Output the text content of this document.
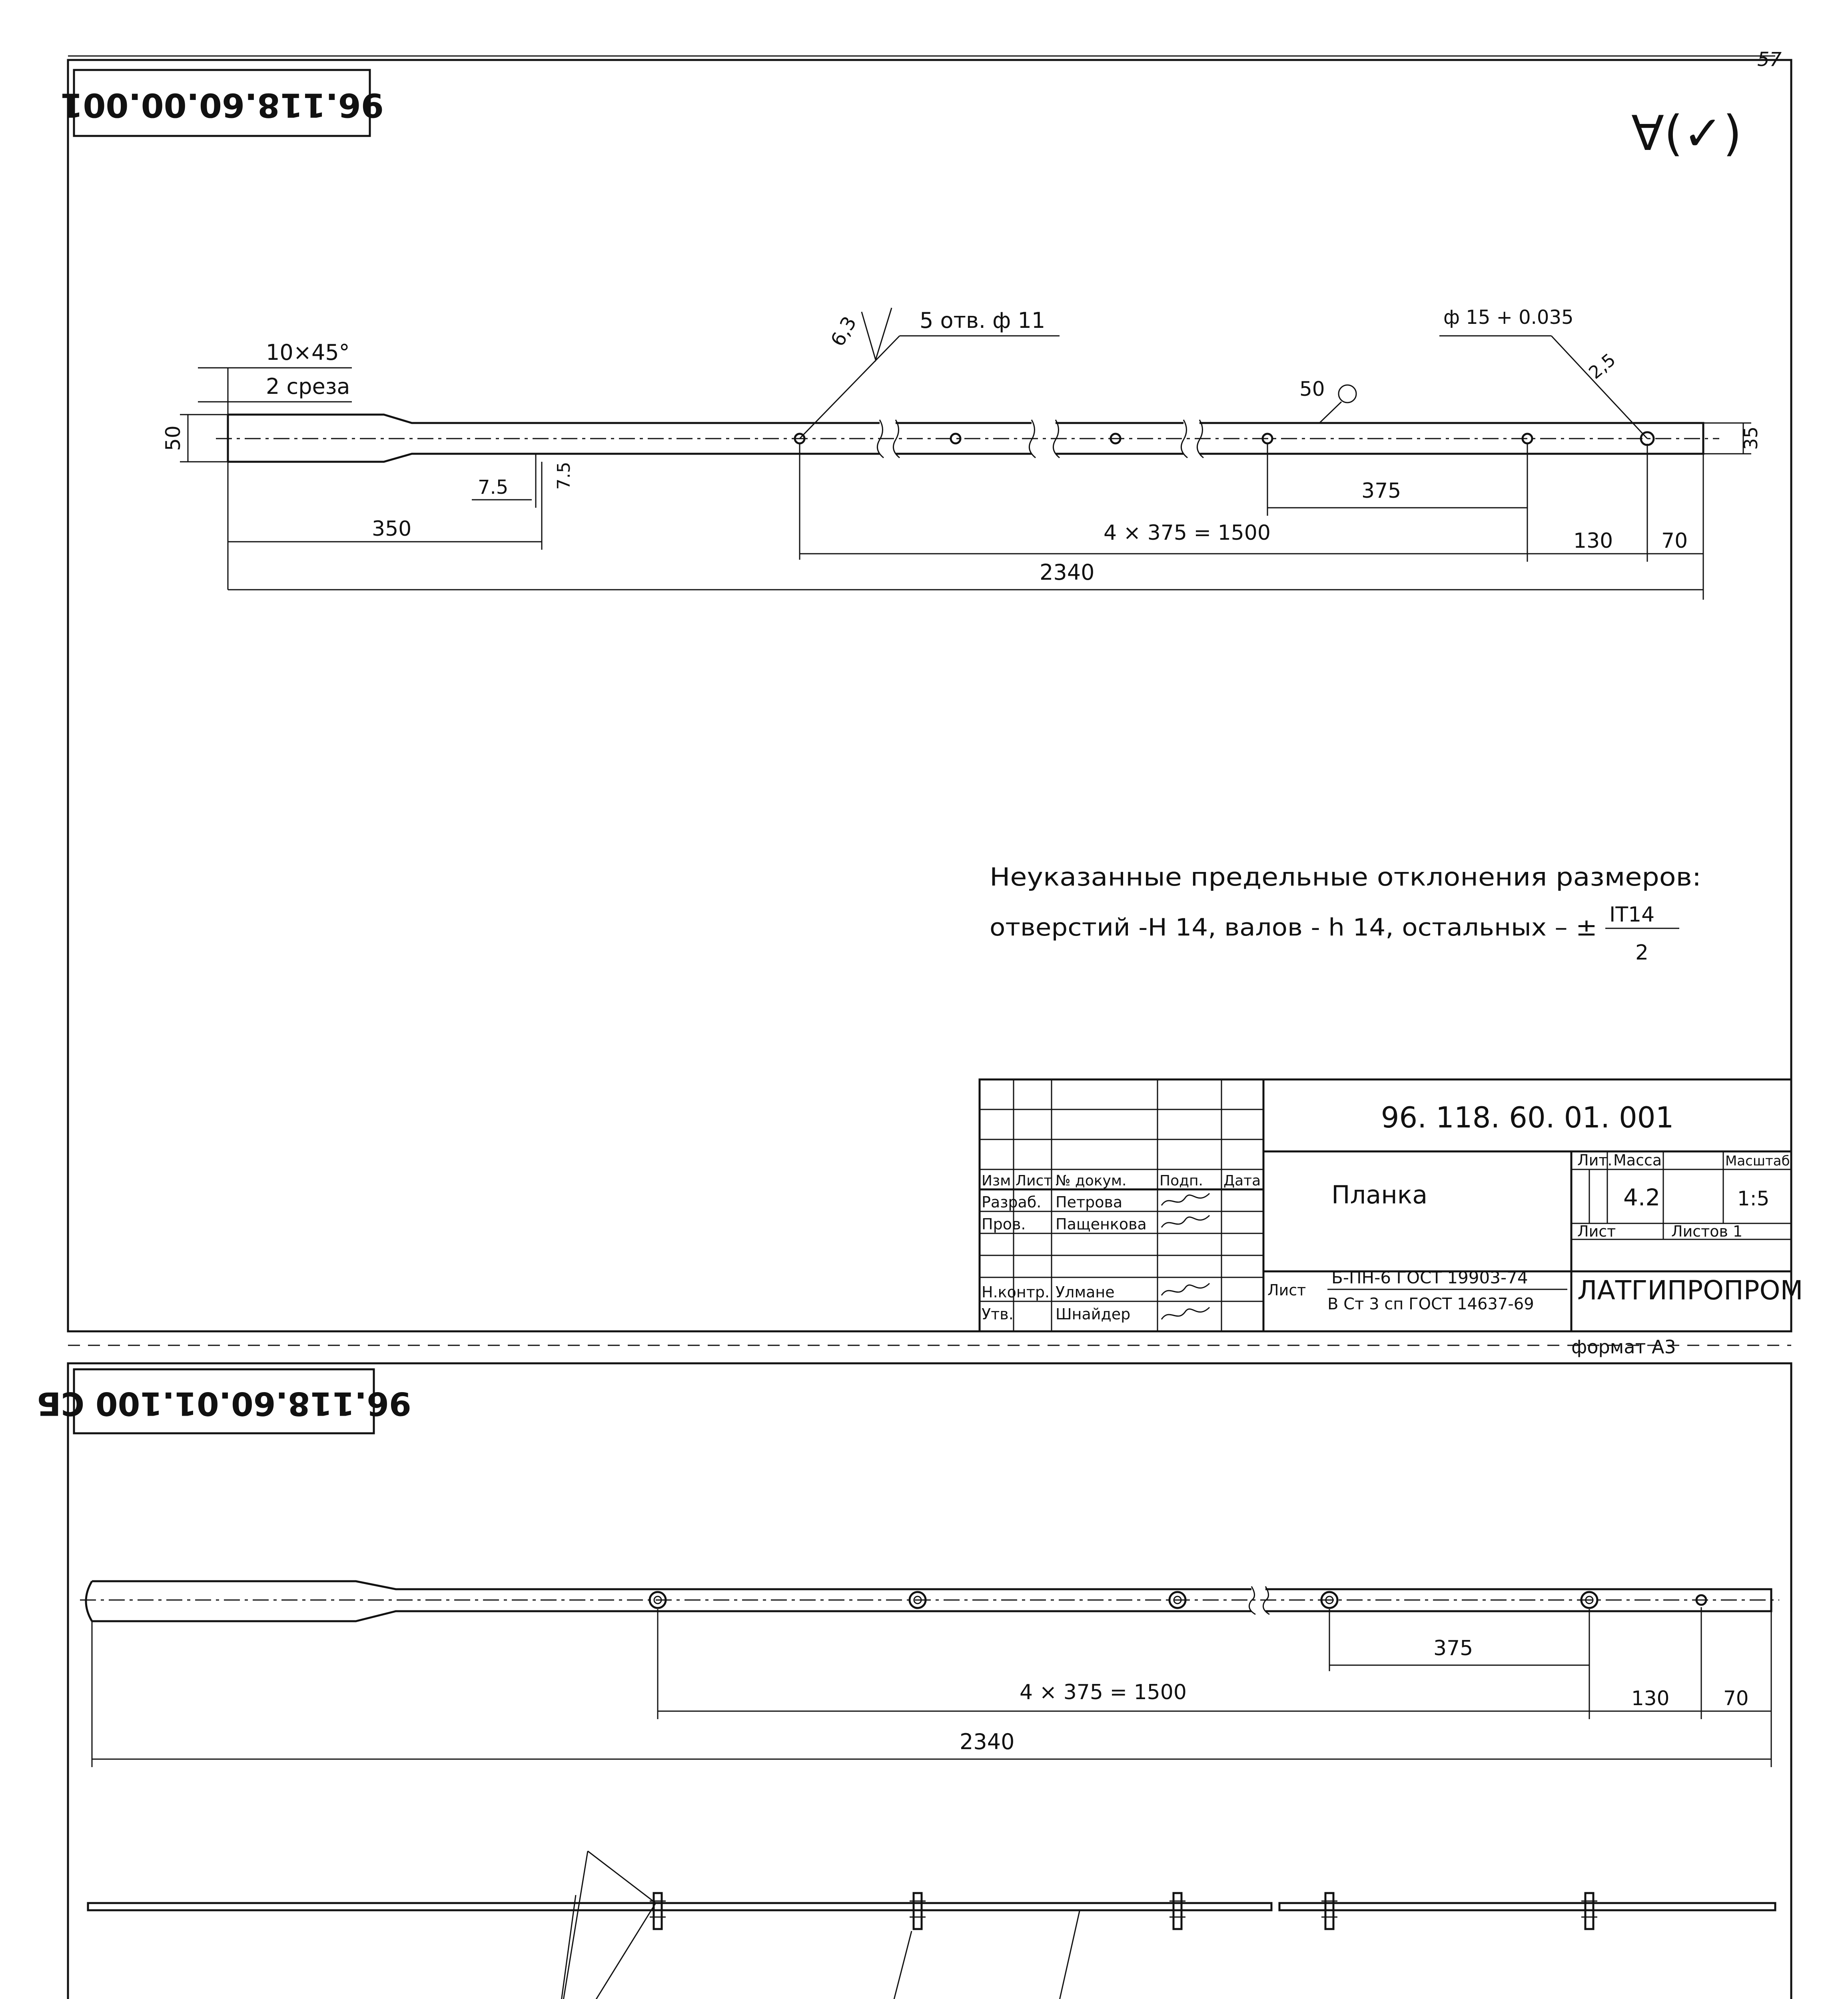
57
96.118.60.00.001
∀(✓)
10×45°
2 среза
50
5 отв. ф 11
6,3	ф 15 + 0.035
2,5
50
7.5	7.5
350
375
4 × 375 = 1500	130 70
35
2340
Неуказанные предельные отклонения размеров:
отверстий -Н 14, валов - h 14, остальных – ± IT14
2
Изм Лист № докум. Подп. Дата
Разраб. Петрова
Пров. Пащенкова
Н.контр. Улмане
Утв.	Шнайдер
96. 118. 60. 01. 001
Планка
Лит. Масса	Масштаб
4.2	1:5
Лист	Листов 1
Лист
Б-ПН-6 ГОСТ 19903-74
В Ст 3 сп ГОСТ 14637-69 ЛАТГИПРОПРОМ
формат А3
96.118.60.01.100 СБ
375
4 × 375 = 1500	130	70
2340
